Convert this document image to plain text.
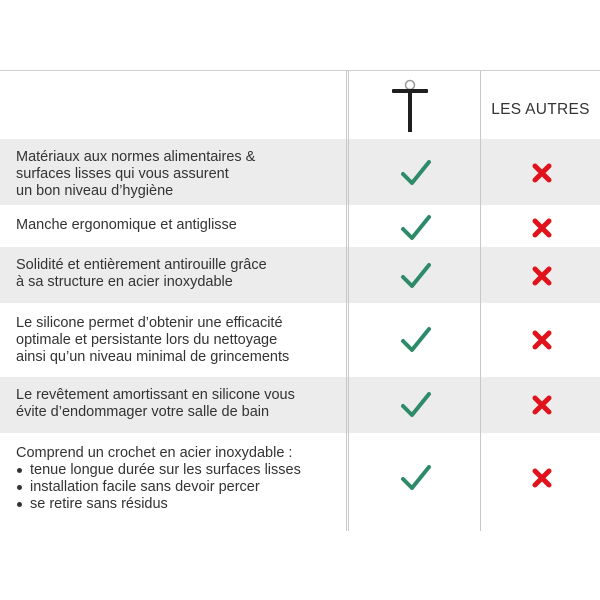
LES AUTRES
Matériaux aux normes alimentaires &
surfaces lisses qui vous assurent
un bon niveau d’hygiène
Manche ergonomique et antiglisse
Solidité et entièrement antirouille grâce
à sa structure en acier inoxydable
Le silicone permet d’obtenir une efficacité
optimale et persistante lors du nettoyage
ainsi qu’un niveau minimal de grincements
Le revêtement amortissant en silicone vous
évite d’endommager votre salle de bain
Comprend un crochet en acier inoxydable :
tenue longue durée sur les surfaces lisses
installation facile sans devoir percer
se retire sans résidus
